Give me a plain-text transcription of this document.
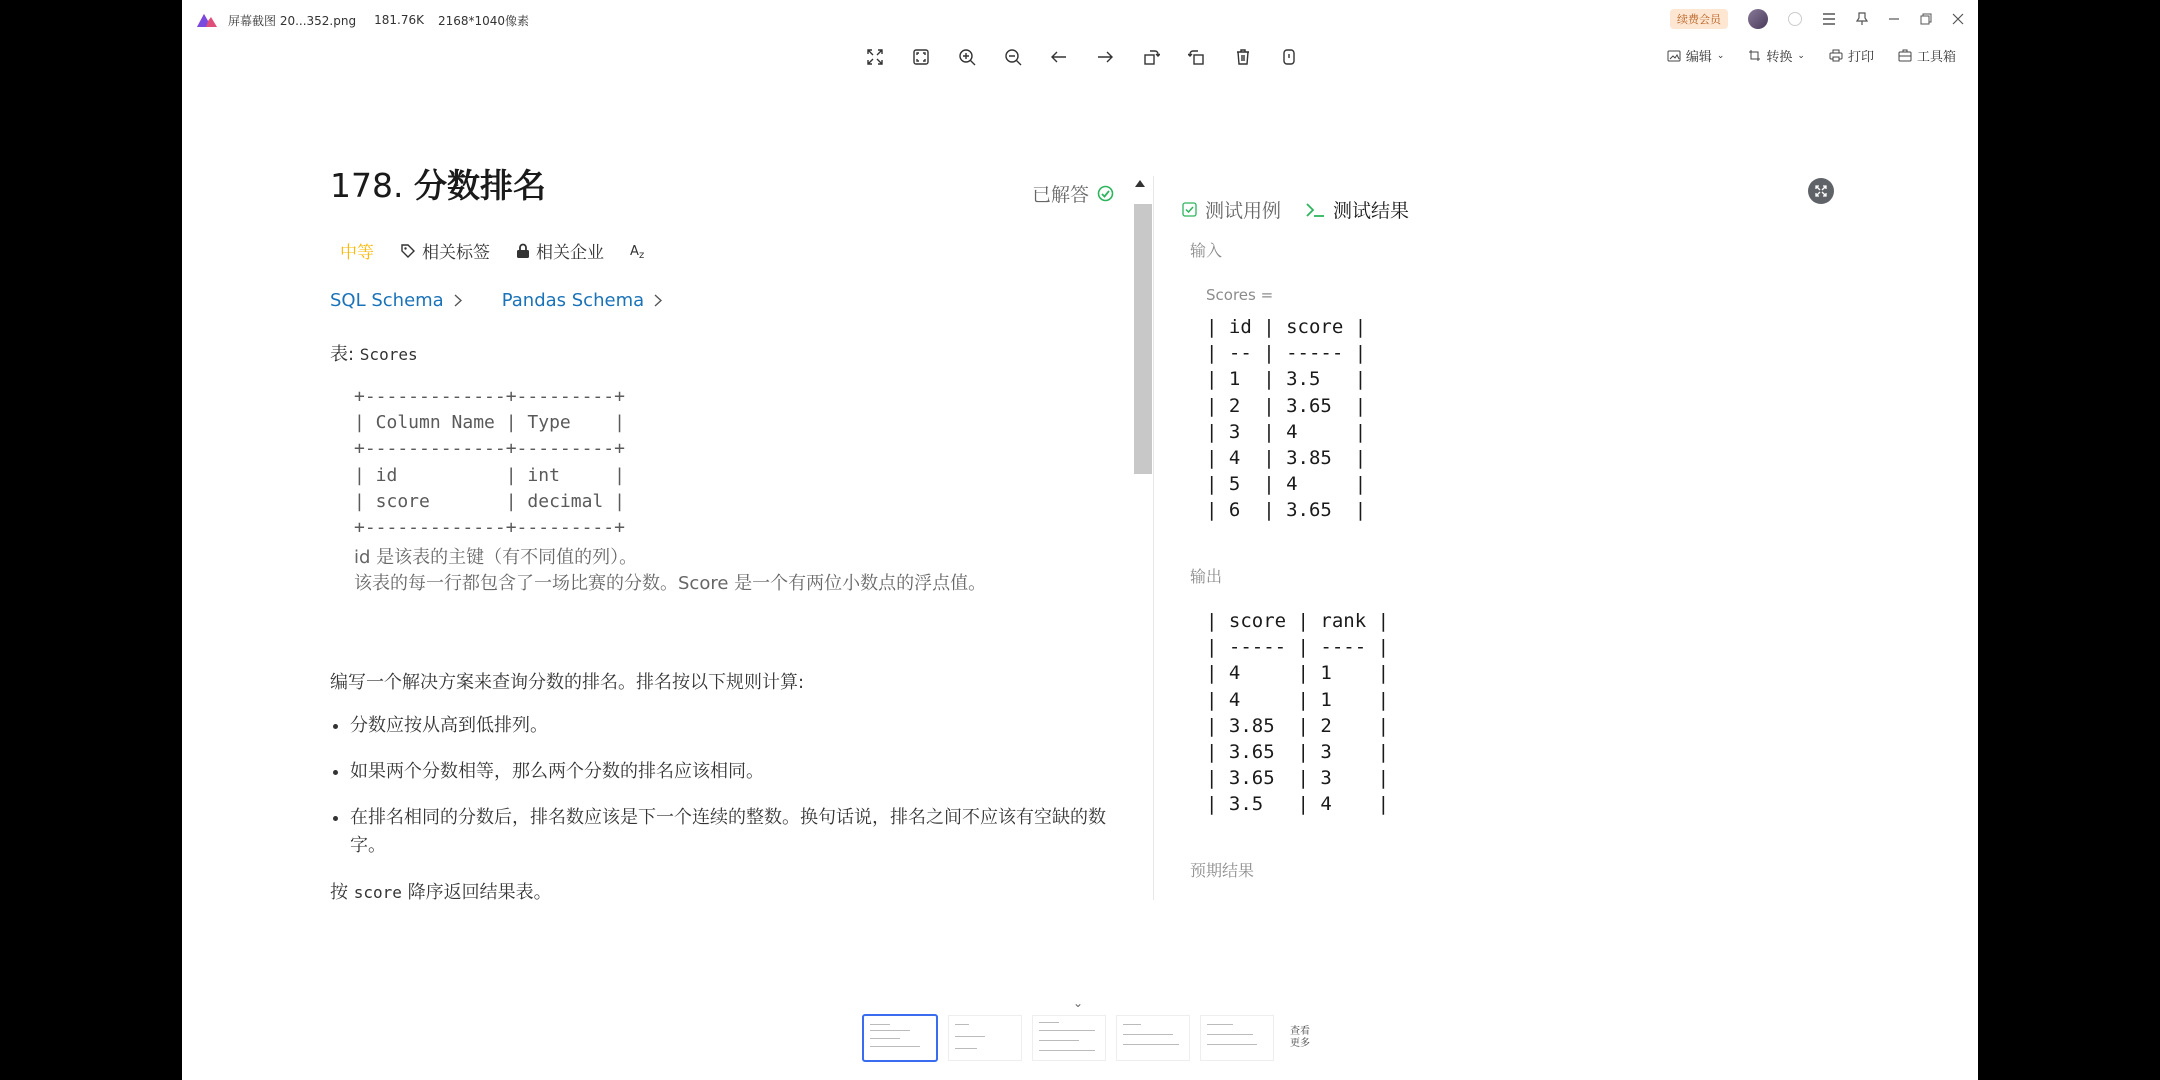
屏幕截图 20...352.png 181.76K 2168*1040像素	续费会员
编辑 ⌄	转换 ⌄	打印	工具箱
178. 分数排名	已解答
中等	相关标签	相关企业 A z
SQL Schema	Pandas Schema
表: Scores
+-------------+---------+
| Column Name | Type    |
+-------------+---------+
| id          | int     |
| score       | decimal |
+-------------+---------+
id 是该表的主键（有不同值的列）。
该表的每一行都包含了一场比赛的分数。Score 是一个有两位小数点的浮点值。
编写一个解决方案来查询分数的排名。排名按以下规则计算:
• 分数应按从高到低排列。
• 如果两个分数相等，那么两个分数的排名应该相同。
• 在排名相同的分数后，排名数应该是下一个连续的整数。换句话说，排名之间不应该有空缺的数字。
按 score 降序返回结果表。
测试用例	测试结果
输入
Scores =
| id | score |
| -- | ----- |
| 1  | 3.5   |
| 2  | 3.65  |
| 3  | 4     |
| 4  | 3.85  |
| 5  | 4     |
| 6  | 3.65  |
输出
| score | rank |
| ----- | ---- |
| 4     | 1    |
| 4     | 1    |
| 3.85  | 2    |
| 3.65  | 3    |
| 3.65  | 3    |
| 3.5   | 4    |
预期结果
⌄
查看
更多
